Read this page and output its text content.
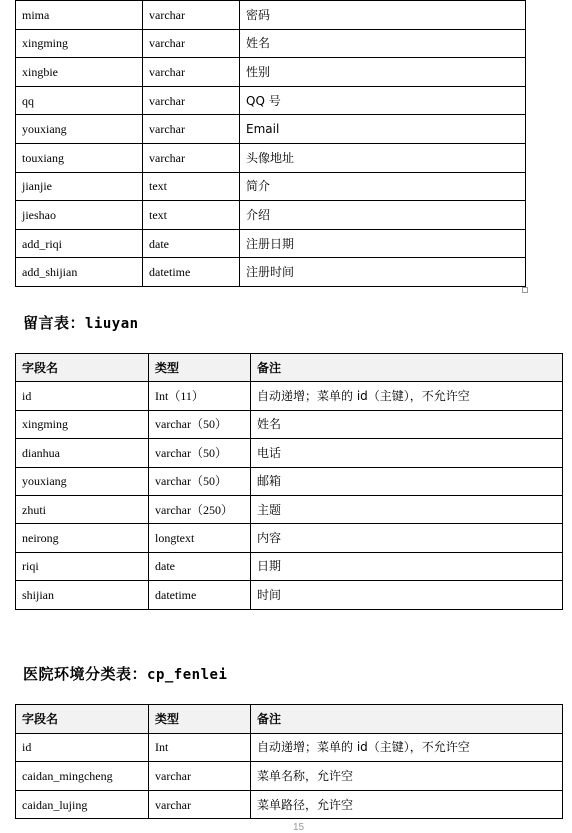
mima	varchar	密码
xingming	varchar	姓名
xingbie	varchar	性别
qq	varchar	QQ 号
youxiang	varchar	Email
touxiang	varchar	头像地址
jianjie	text	简介
jieshao	text	介绍
add_riqi	date	注册日期
add_shijian	datetime	注册时间
留言表：liuyan
字段名	类型	备注
id	Int（11）	自动递增；菜单的 id（主键），不允许空
xingming	varchar（50）	姓名
dianhua	varchar（50）	电话
youxiang	varchar（50）	邮箱
zhuti	varchar（250）	主题
neirong	longtext	内容
riqi	date	日期
shijian	datetime	时间
医院环境分类表：cp_fenlei
字段名	类型	备注
id	Int	自动递增；菜单的 id（主键），不允许空
caidan_mingcheng	varchar	菜单名称，允许空
caidan_lujing	varchar	菜单路径，允许空
15
